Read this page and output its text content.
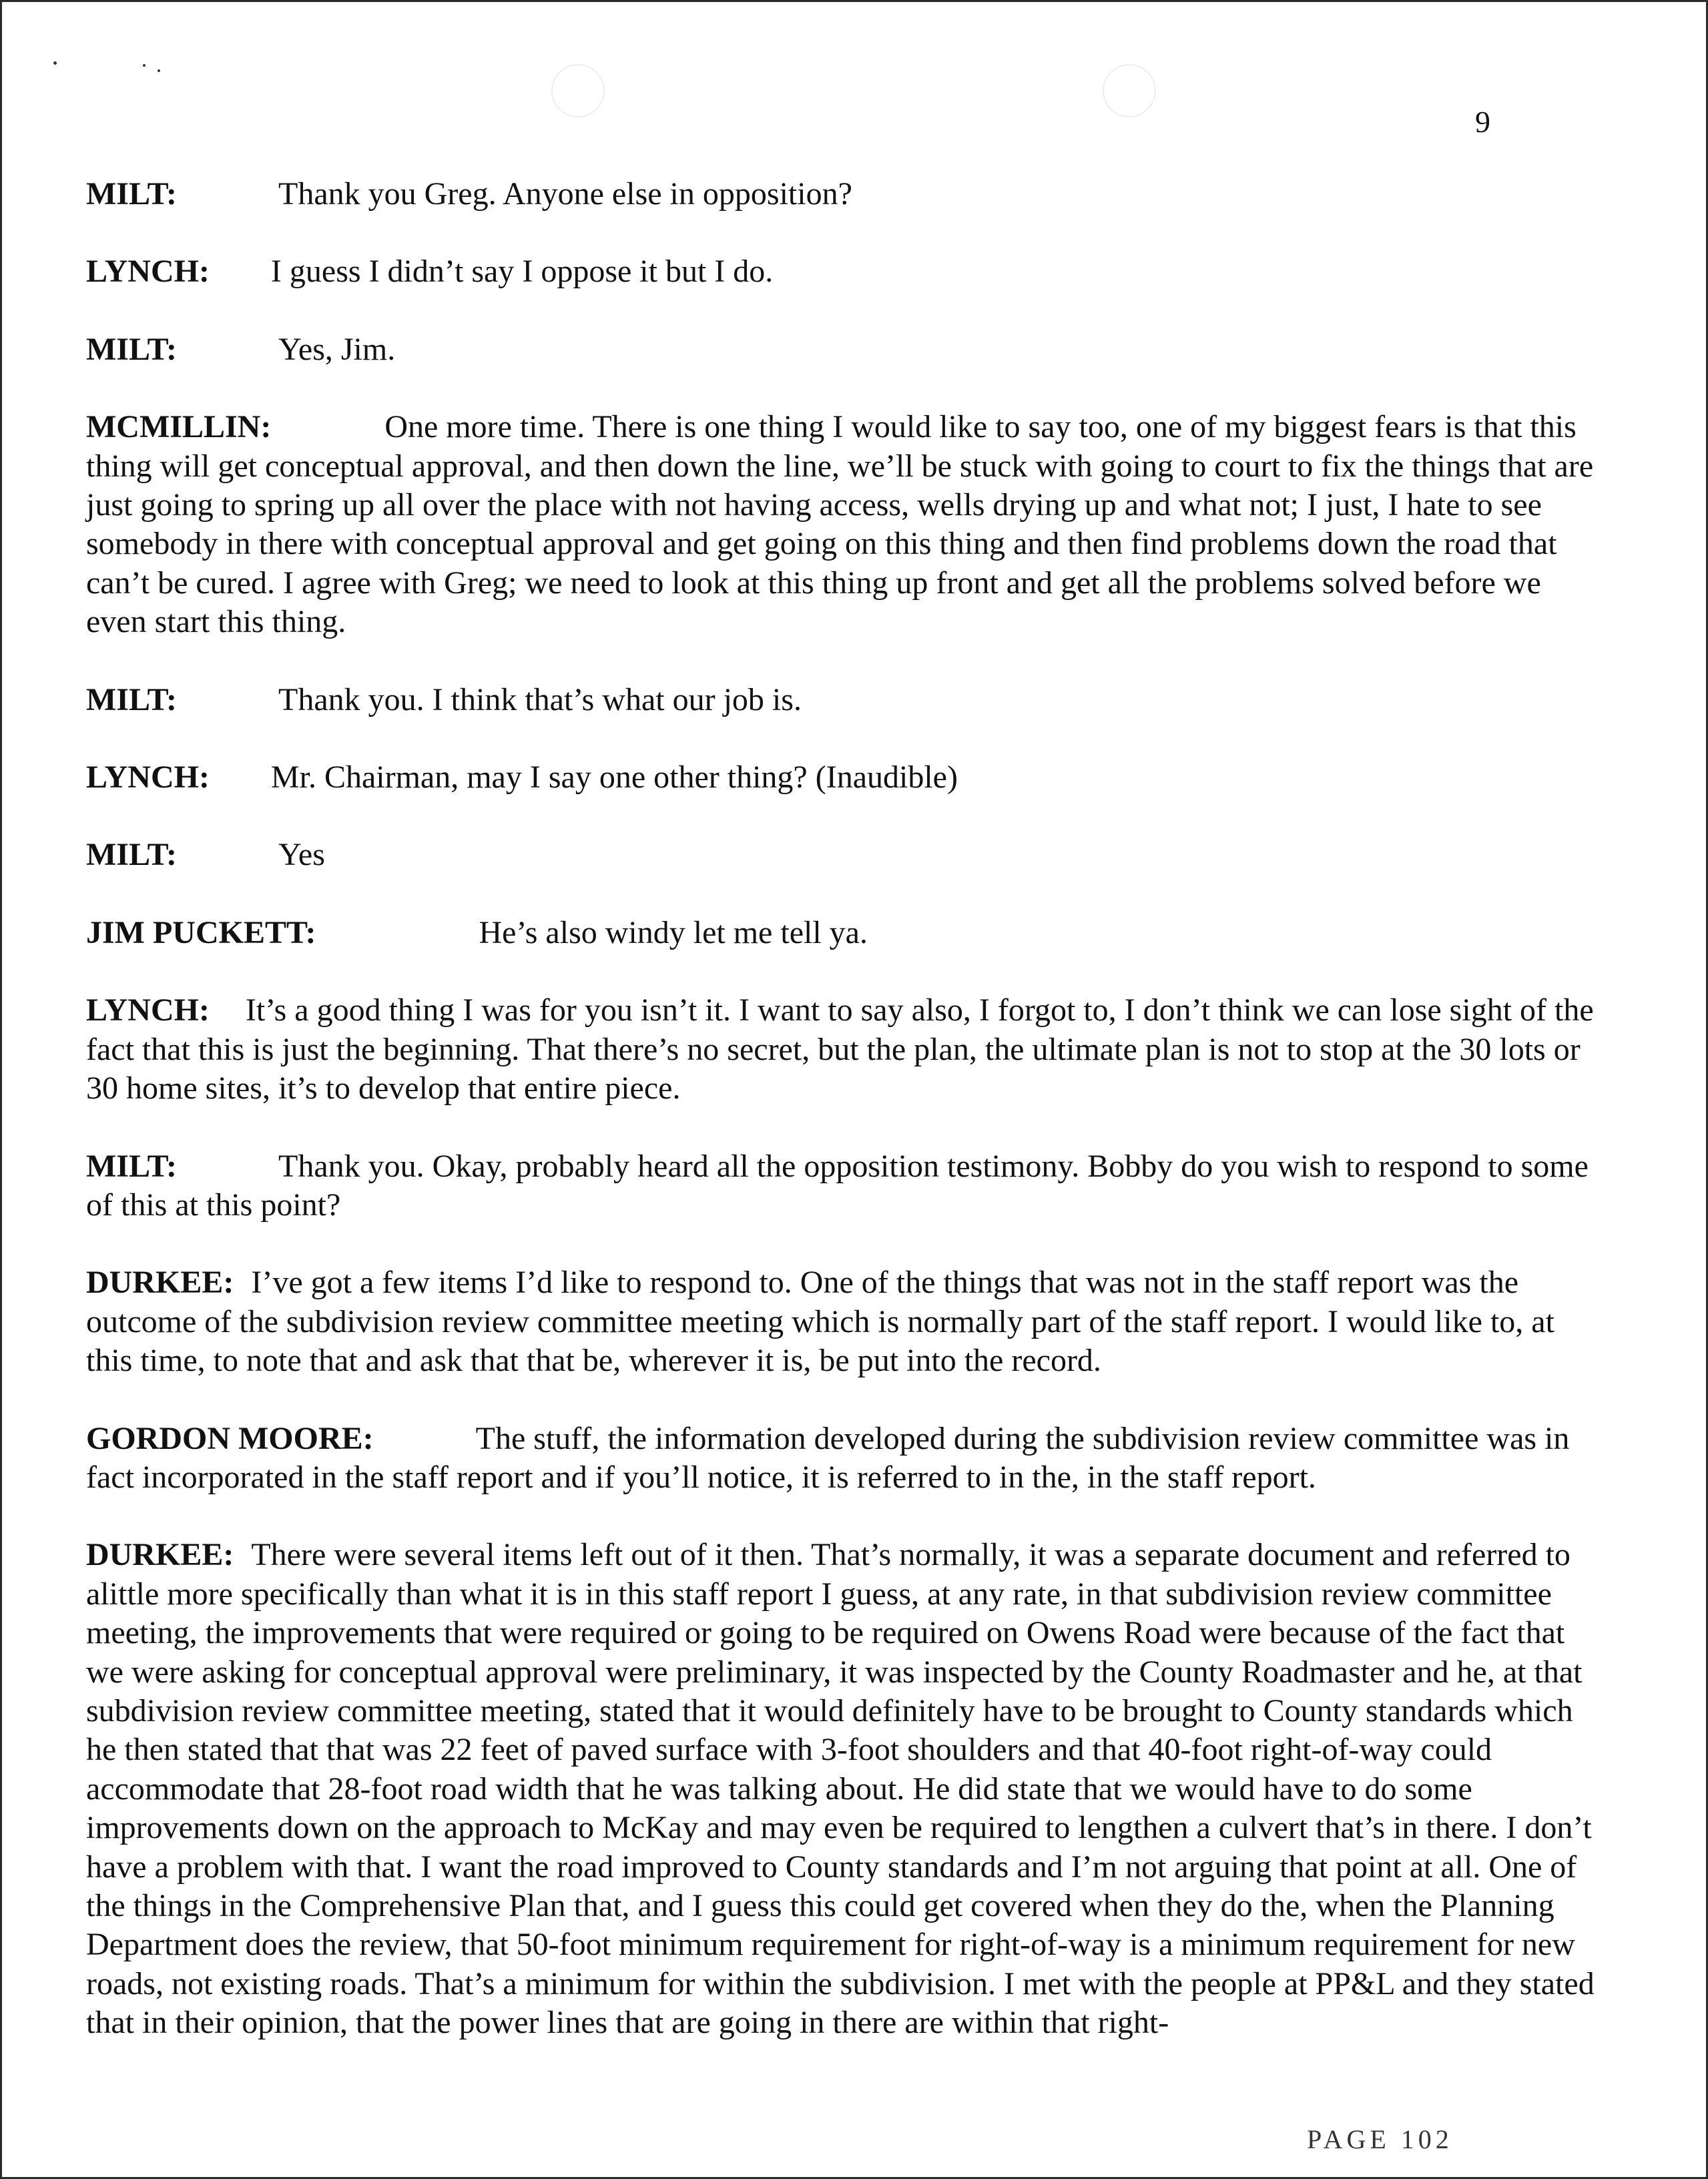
9

MILT:	Thank you Greg. Anyone else in opposition?

LYNCH: I guess I didn’t say I oppose it but I do.

MILT:	Yes, Jim.

MCMILLIN:	One more time. There is one thing I would like to say too, one of my biggest fears is that this thing will get conceptual approval, and then down the line, we’ll be stuck with going to court to fix the things that are just going to spring up all over the place with not having access, wells drying up and what not; I just, I hate to see somebody in there with conceptual approval and get going on this thing and then find problems down the road that can’t be cured. I agree with Greg; we need to look at this thing up front and get all the problems solved before we even start this thing.

MILT:	Thank you. I think that’s what our job is.

LYNCH: Mr. Chairman, may I say one other thing? (Inaudible)

MILT:	Yes

JIM PUCKETT:	He’s also windy let me tell ya.

LYNCH: It’s a good thing I was for you isn’t it. I want to say also, I forgot to, I don’t think we can lose sight of the fact that this is just the beginning. That there’s no secret, but the plan, the ultimate plan is not to stop at the 30 lots or 30 home sites, it’s to develop that entire piece.

MILT:	Thank you. Okay, probably heard all the opposition testimony. Bobby do you wish to respond to some of this at this point?

DURKEE: I’ve got a few items I’d like to respond to. One of the things that was not in the staff report was the outcome of the subdivision review committee meeting which is normally part of the staff report. I would like to, at this time, to note that and ask that that be, wherever it is, be put into the record.

GORDON MOORE:	The stuff, the information developed during the subdivision review committee was in fact incorporated in the staff report and if you’ll notice, it is referred to in the, in the staff report.

DURKEE: There were several items left out of it then. That’s normally, it was a separate document and referred to alittle more specifically than what it is in this staff report I guess, at any rate, in that subdivision review committee meeting, the improvements that were required or going to be required on Owens Road were because of the fact that we were asking for conceptual approval were preliminary, it was inspected by the County Roadmaster and he, at that subdivision review committee meeting, stated that it would definitely have to be brought to County standards which he then stated that that was 22 feet of paved surface with 3-foot shoulders and that 40-foot right-of-way could accommodate that 28-foot road width that he was talking about. He did state that we would have to do some improvements down on the approach to McKay and may even be required to lengthen a culvert that’s in there. I don’t have a problem with that. I want the road improved to County standards and I’m not arguing that point at all. One of the things in the Comprehensive Plan that, and I guess this could get covered when they do the, when the Planning Department does the review, that 50-foot minimum requirement for right-of-way is a minimum requirement for new roads, not existing roads. That’s a minimum for within the subdivision. I met with the people at PP&L and they stated that in their opinion, that the power lines that are going in there are within that right-

PAGE 102
